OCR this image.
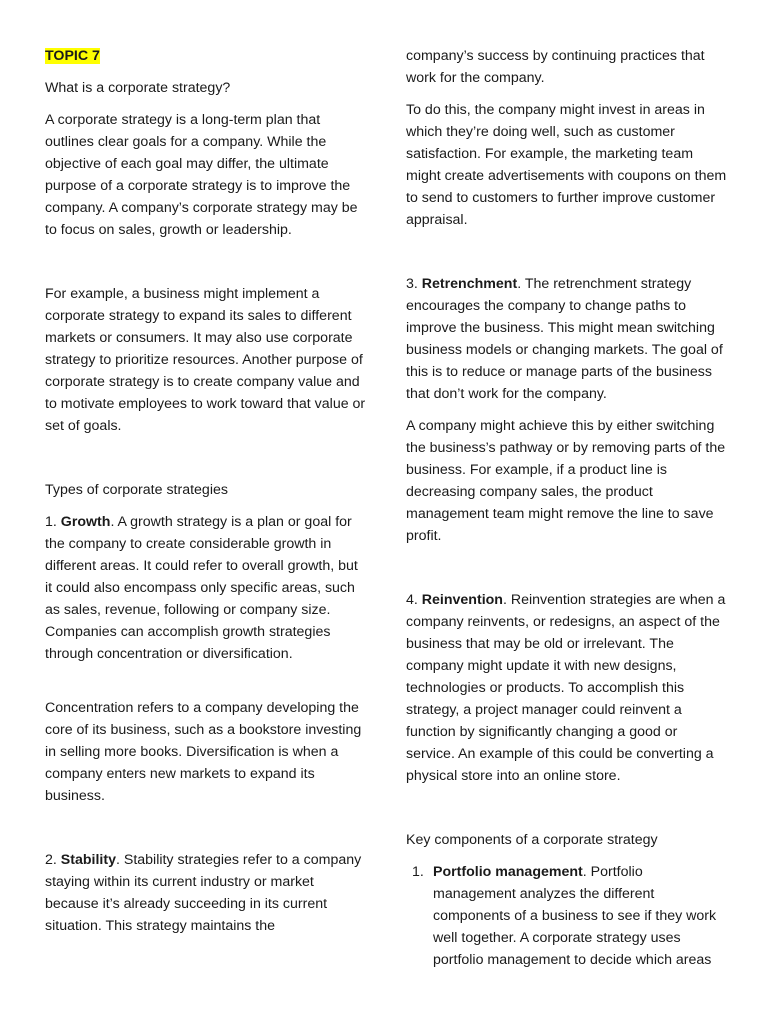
TOPIC 7

What is a corporate strategy?

A corporate strategy is a long-term plan that outlines clear goals for a company. While the objective of each goal may differ, the ultimate purpose of a corporate strategy is to improve the company. A company’s corporate strategy may be to focus on sales, growth or leadership.

For example, a business might implement a corporate strategy to expand its sales to different markets or consumers. It may also use corporate strategy to prioritize resources. Another purpose of corporate strategy is to create company value and to motivate employees to work toward that value or set of goals.

Types of corporate strategies

1. Growth. A growth strategy is a plan or goal for the company to create considerable growth in different areas. It could refer to overall growth, but it could also encompass only specific areas, such as sales, revenue, following or company size. Companies can accomplish growth strategies through concentration or diversification.

Concentration refers to a company developing the core of its business, such as a bookstore investing in selling more books. Diversification is when a company enters new markets to expand its business.

2. Stability. Stability strategies refer to a company staying within its current industry or market because it’s already succeeding in its current situation. This strategy maintains the

company’s success by continuing practices that work for the company.

To do this, the company might invest in areas in which they’re doing well, such as customer satisfaction. For example, the marketing team might create advertisements with coupons on them to send to customers to further improve customer appraisal.

3. Retrenchment. The retrenchment strategy encourages the company to change paths to improve the business. This might mean switching business models or changing markets. The goal of this is to reduce or manage parts of the business that don’t work for the company.

A company might achieve this by either switching the business’s pathway or by removing parts of the business. For example, if a product line is decreasing company sales, the product management team might remove the line to save profit.

4. Reinvention. Reinvention strategies are when a company reinvents, or redesigns, an aspect of the business that may be old or irrelevant. The company might update it with new designs, technologies or products. To accomplish this strategy, a project manager could reinvent a function by significantly changing a good or service. An example of this could be converting a physical store into an online store.

Key components of a corporate strategy

1. Portfolio management. Portfolio management analyzes the different components of a business to see if they work well together. A corporate strategy uses portfolio management to decide which areas
